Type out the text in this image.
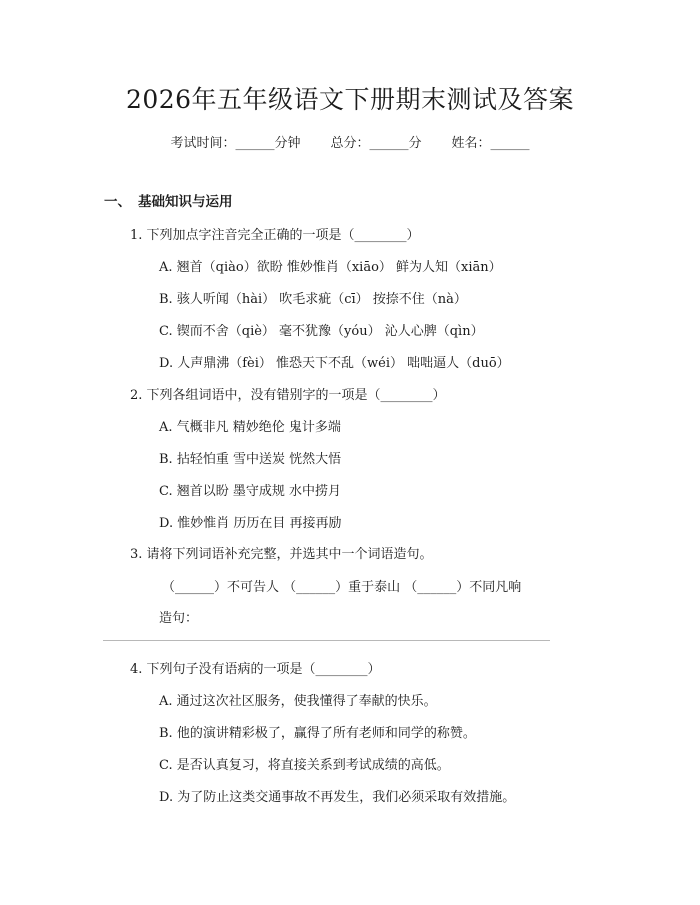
2026年五年级语文下册期末测试及答案
考试时间：______分钟 总分：______分 姓名：______
一、 基础知识与运用
1. 下列加点字注音完全正确的一项是（________）
A. 翘首（qiào）欲盼 惟妙惟肖（xiāo） 鲜为人知（xiān）
B. 骇人听闻（hài） 吹毛求疵（cī） 按捺不住（nà）
C. 锲而不舍（qiè） 毫不犹豫（yóu） 沁人心脾（qìn）
D. 人声鼎沸（fèi） 惟恐天下不乱（wéi） 咄咄逼人（duō）
2. 下列各组词语中，没有错别字的一项是（________）
A. 气概非凡 精妙绝伦 鬼计多端
B. 拈轻怕重 雪中送炭 恍然大悟
C. 翘首以盼 墨守成规 水中捞月
D. 惟妙惟肖 历历在目 再接再励
3. 请将下列词语补充完整，并选其中一个词语造句。
（______）不可告人 （______）重于泰山 （______）不同凡响
造句：
4. 下列句子没有语病的一项是（________）
A. 通过这次社区服务，使我懂得了奉献的快乐。
B. 他的演讲精彩极了，赢得了所有老师和同学的称赞。
C. 是否认真复习，将直接关系到考试成绩的高低。
D. 为了防止这类交通事故不再发生，我们必须采取有效措施。
